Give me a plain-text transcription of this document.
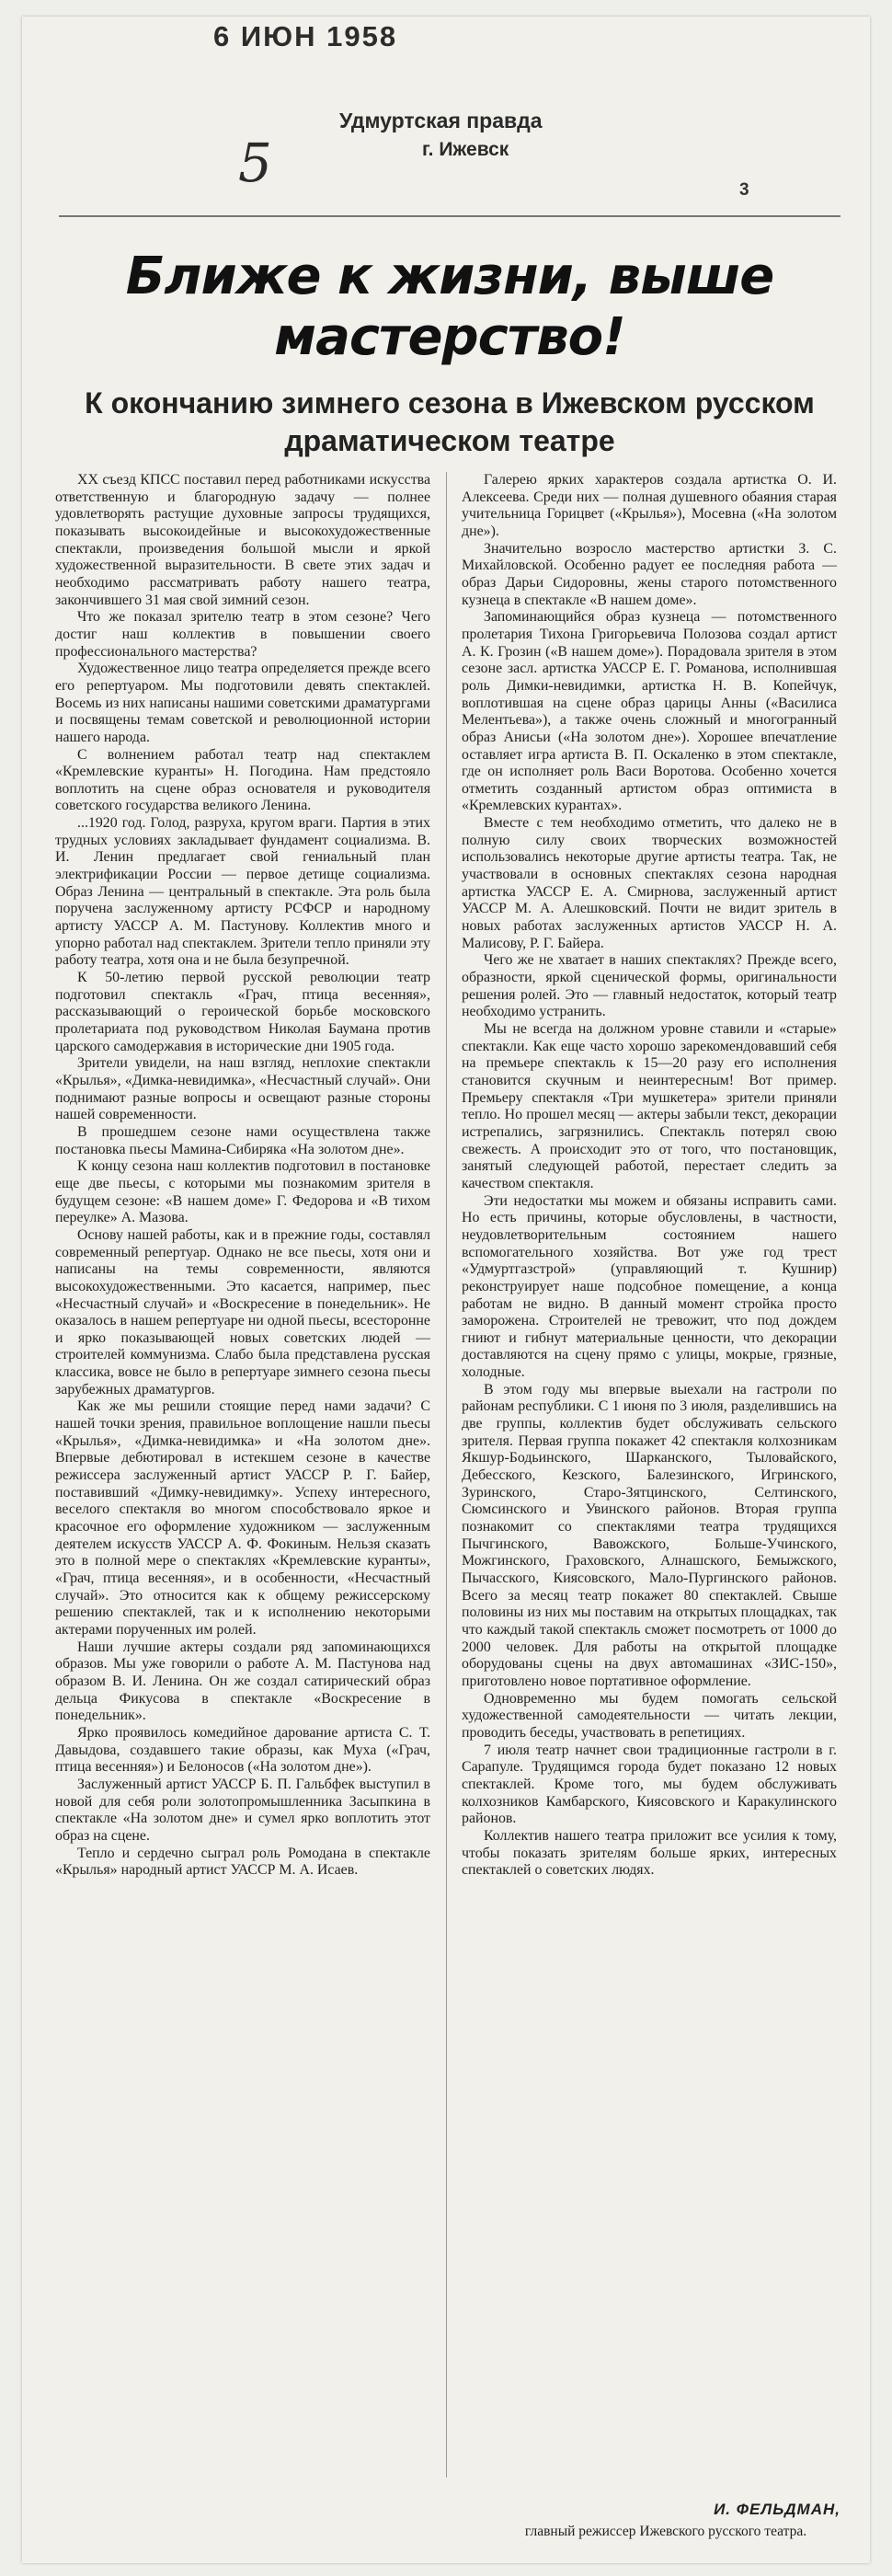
6 ИЮН 1958
5
Удмуртская правда
г. Ижевск
3
Ближе к жизни, выше мастерство!
К окончанию зимнего сезона в Ижевском русском драматическом театре

XX съезд КПСС поставил перед работниками искусства ответственную и благородную задачу — полнее удовлетворять растущие духовные запросы трудящихся, показывать высокоидейные и высокохудожественные спектакли, произведения большой мысли и яркой художественной выразительности. В свете этих задач и необходимо рассматривать работу нашего театра, закончившего 31 мая свой зимний сезон.

Что же показал зрителю театр в этом сезоне? Чего достиг наш коллектив в повышении своего профессионального мастерства?

Художественное лицо театра определяется прежде всего его репертуаром. Мы подготовили девять спектаклей. Восемь из них написаны нашими советскими драматургами и посвящены темам советской и революционной истории нашего народа.

С волнением работал театр над спектаклем «Кремлевские куранты» Н. Погодина. Нам предстояло воплотить на сцене образ основателя и руководителя советского государства великого Ленина.

...1920 год. Голод, разруха, кругом враги. Партия в этих трудных условиях закладывает фундамент социализма. В. И. Ленин предлагает свой гениальный план электрификации России — первое детище социализма. Образ Ленина — центральный в спектакле. Эта роль была поручена заслуженному артисту РСФСР и народному артисту УАССР А. М. Пастунову. Коллектив много и упорно работал над спектаклем. Зрители тепло приняли эту работу театра, хотя она и не была безупречной.

К 50-летию первой русской революции театр подготовил спектакль «Грач, птица весенняя», рассказывающий о героической борьбе московского пролетариата под руководством Николая Баумана против царского самодержавия в исторические дни 1905 года.

Зрители увидели, на наш взгляд, неплохие спектакли «Крылья», «Димка-невидимка», «Несчастный случай». Они поднимают разные вопросы и освещают разные стороны нашей современности.

В прошедшем сезоне нами осуществлена также постановка пьесы Мамина-Сибиряка «На золотом дне».

К концу сезона наш коллектив подготовил в постановке еще две пьесы, с которыми мы познакомим зрителя в будущем сезоне: «В нашем доме» Г. Федорова и «В тихом переулке» А. Мазова.

Основу нашей работы, как и в прежние годы, составлял современный репертуар. Однако не все пьесы, хотя они и написаны на темы современности, являются высокохудожественными. Это касается, например, пьес «Несчастный случай» и «Воскресение в понедельник». Не оказалось в нашем репертуаре ни одной пьесы, всесторонне и ярко показывающей новых советских людей — строителей коммунизма. Слабо была представлена русская классика, вовсе не было в репертуаре зимнего сезона пьесы зарубежных драматургов.

Как же мы решили стоящие перед нами задачи? С нашей точки зрения, правильное воплощение нашли пьесы «Крылья», «Димка-невидимка» и «На золотом дне». Впервые дебютировал в истекшем сезоне в качестве режиссера заслуженный артист УАССР Р. Г. Байер, поставивший «Димку-невидимку». Успеху интересного, веселого спектакля во многом способствовало яркое и красочное его оформление художником — заслуженным деятелем искусств УАССР А. Ф. Фокиным. Нельзя сказать это в полной мере о спектаклях «Кремлевские куранты», «Грач, птица весенняя», и в особенности, «Несчастный случай». Это относится как к общему режиссерскому решению спектаклей, так и к исполнению некоторыми актерами порученных им ролей.

Наши лучшие актеры создали ряд запоминающихся образов. Мы уже говорили о работе А. М. Пастунова над образом В. И. Ленина. Он же создал сатирический образ дельца Фикусова в спектакле «Воскресение в понедельник».

Ярко проявилось комедийное дарование артиста С. Т. Давыдова, создавшего такие образы, как Муха («Грач, птица весенняя») и Белоносов («На золотом дне»).

Заслуженный артист УАССР Б. П. Гальбфек выступил в новой для себя роли золотопромышленника Засыпкина в спектакле «На золотом дне» и сумел ярко воплотить этот образ на сцене.

Тепло и сердечно сыграл роль Ромодана в спектакле «Крылья» народный артист УАССР М. А. Исаев.

Галерею ярких характеров создала артистка О. И. Алексеева. Среди них — полная душевного обаяния старая учительница Горицвет («Крылья»), Мосевна («На золотом дне»).

Значительно возросло мастерство артистки З. С. Михайловской. Особенно радует ее последняя работа — образ Дарьи Сидоровны, жены старого потомственного кузнеца в спектакле «В нашем доме».

Запоминающийся образ кузнеца — потомственного пролетария Тихона Григорьевича Полозова создал артист А. К. Грозин («В нашем доме»). Порадовала зрителя в этом сезоне засл. артистка УАССР Е. Г. Романова, исполнившая роль Димки-невидимки, артистка Н. В. Копейчук, воплотившая на сцене образ царицы Анны («Василиса Мелентьева»), а также очень сложный и многогранный образ Анисьи («На золотом дне»). Хорошее впечатление оставляет игра артиста В. П. Оскаленко в этом спектакле, где он исполняет роль Васи Воротова. Особенно хочется отметить созданный артистом образ оптимиста в «Кремлевских курантах».

Вместе с тем необходимо отметить, что далеко не в полную силу своих творческих возможностей использовались некоторые другие артисты театра. Так, не участвовали в основных спектаклях сезона народная артистка УАССР Е. А. Смирнова, заслуженный артист УАССР М. А. Алешковский. Почти не видит зритель в новых работах заслуженных артистов УАССР Н. А. Малисову, Р. Г. Байера.

Чего же не хватает в наших спектаклях? Прежде всего, образности, яркой сценической формы, оригинальности решения ролей. Это — главный недостаток, который театр необходимо устранить.

Мы не всегда на должном уровне ставили и «старые» спектакли. Как еще часто хорошо зарекомендовавший себя на премьере спектакль к 15—20 разу его исполнения становится скучным и неинтересным! Вот пример. Премьеру спектакля «Три мушкетера» зрители приняли тепло. Но прошел месяц — актеры забыли текст, декорации истрепались, загрязнились. Спектакль потерял свою свежесть. А происходит это от того, что постановщик, занятый следующей работой, перестает следить за качеством спектакля.

Эти недостатки мы можем и обязаны исправить сами. Но есть причины, которые обусловлены, в частности, неудовлетворительным состоянием нашего вспомогательного хозяйства. Вот уже год трест «Удмуртгазстрой» (управляющий т. Кушнир) реконструирует наше подсобное помещение, а конца работам не видно. В данный момент стройка просто заморожена. Строителей не тревожит, что под дождем гниют и гибнут материальные ценности, что декорации доставляются на сцену прямо с улицы, мокрые, грязные, холодные.

В этом году мы впервые выехали на гастроли по районам республики. С 1 июня по 3 июля, разделившись на две группы, коллектив будет обслуживать сельского зрителя. Первая группа покажет 42 спектакля колхозникам Якшур-Бодьинского, Шарканского, Тыловайского, Дебесского, Кезского, Балезинского, Игринского, Зуринского, Старо-Зятцинского, Селтинского, Сюмсинского и Увинского районов. Вторая группа познакомит со спектаклями театра трудящихся Пычгинского, Вавожского, Больше-Учинского, Можгинского, Граховского, Алнашского, Бемыжского, Пычасского, Киясовского, Мало-Пургинского районов. Всего за месяц театр покажет 80 спектаклей. Свыше половины из них мы поставим на открытых площадках, так что каждый такой спектакль сможет посмотреть от 1000 до 2000 человек. Для работы на открытой площадке оборудованы сцены на двух автомашинах «ЗИС-150», приготовлено новое портативное оформление.

Одновременно мы будем помогать сельской художественной самодеятельности — читать лекции, проводить беседы, участвовать в репетициях.

7 июля театр начнет свои традиционные гастроли в г. Сарапуле. Трудящимся города будет показано 12 новых спектаклей. Кроме того, мы будем обслуживать колхозников Камбарского, Киясовского и Каракулинского районов.

Коллектив нашего театра приложит все усилия к тому, чтобы показать зрителям больше ярких, интересных спектаклей о советских людях.

И. ФЕЛЬДМАН,
главный режиссер Ижевского русского театра.
